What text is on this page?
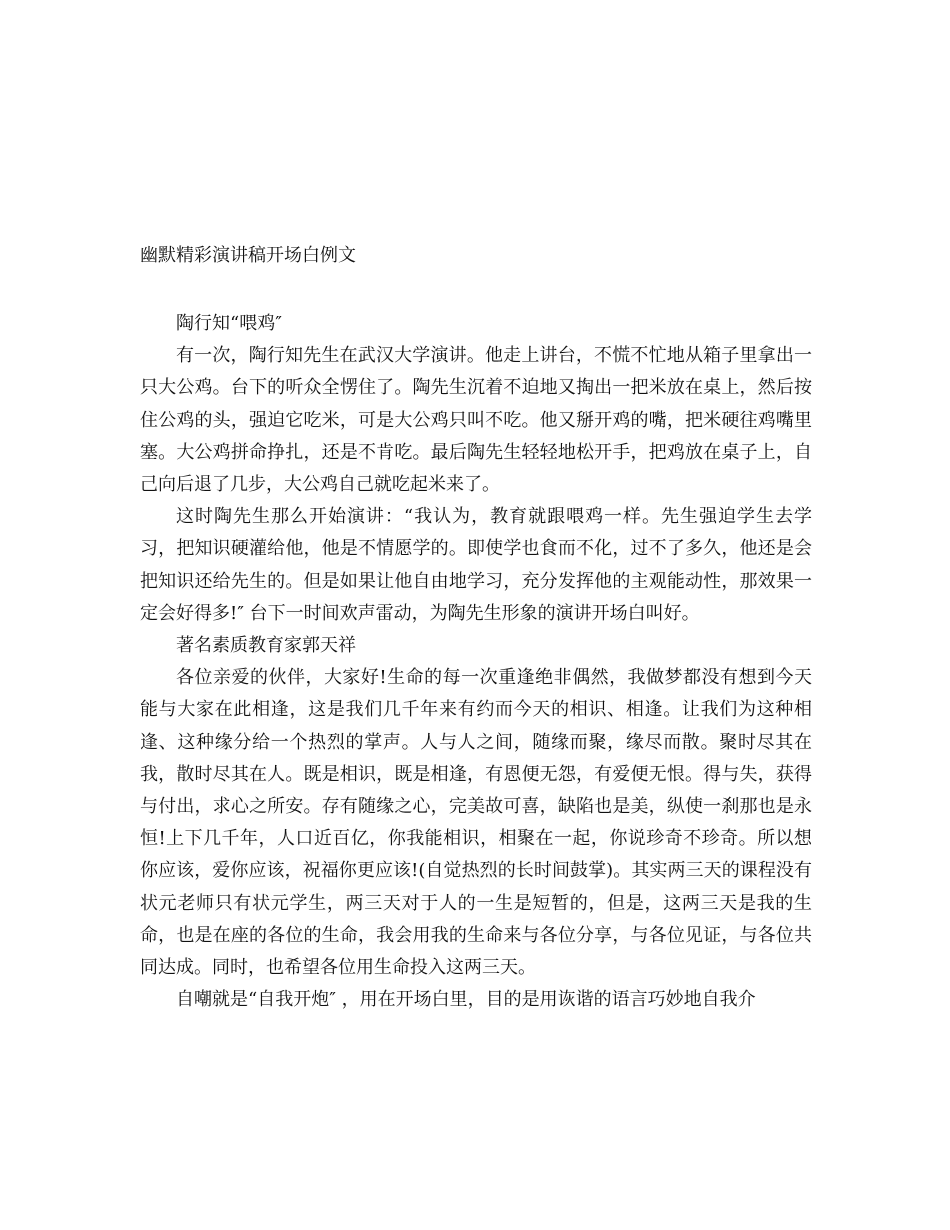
幽默精彩演讲稿开场白例文

陶行知“喂鸡″

有一次，陶行知先生在武汉大学演讲。他走上讲台，不慌不忙地从箱子里拿出一只大公鸡。台下的听众全愣住了。陶先生沉着不迫地又掏出一把米放在桌上，然后按住公鸡的头，强迫它吃米，可是大公鸡只叫不吃。他又掰开鸡的嘴，把米硬往鸡嘴里塞。大公鸡拼命挣扎，还是不肯吃。最后陶先生轻轻地松开手，把鸡放在桌子上，自己向后退了几步，大公鸡自己就吃起米来了。

这时陶先生那么开始演讲：“我认为，教育就跟喂鸡一样。先生强迫学生去学习，把知识硬灌给他，他是不情愿学的。即使学也食而不化，过不了多久，他还是会把知识还给先生的。但是如果让他自由地学习，充分发挥他的主观能动性，那效果一定会好得多!″ 台下一时间欢声雷动，为陶先生形象的演讲开场白叫好。

著名素质教育家郭天祥

各位亲爱的伙伴，大家好!生命的每一次重逢绝非偶然，我做梦都没有想到今天能与大家在此相逢，这是我们几千年来有约而今天的相识、相逢。让我们为这种相逢、这种缘分给一个热烈的掌声。人与人之间，随缘而聚，缘尽而散。聚时尽其在我，散时尽其在人。既是相识，既是相逢，有恩便无怨，有爱便无恨。得与失，获得与付出，求心之所安。存有随缘之心，完美故可喜，缺陷也是美，纵使一刹那也是永恒!上下几千年，人口近百亿，你我能相识，相聚在一起，你说珍奇不珍奇。所以想你应该，爱你应该，祝福你更应该!(自觉热烈的长时间鼓掌)。其实两三天的课程没有状元老师只有状元学生，两三天对于人的一生是短暂的，但是，这两三天是我的生命，也是在座的各位的生命，我会用我的生命来与各位分享，与各位见证，与各位共同达成。同时，也希望各位用生命投入这两三天。

自嘲就是“自我开炮″ ，用在开场白里，目的是用诙谐的语言巧妙地自我介
